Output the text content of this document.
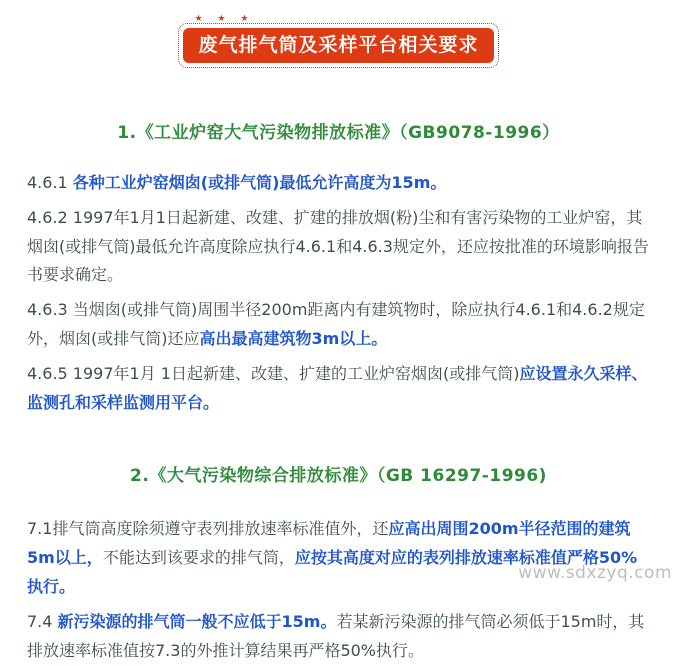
★ ★ ★
废气排气筒及采样平台相关要求
1.《工业炉窑大气污染物排放标准》（GB9078-1996）

4.6.1 各种工业炉窑烟囱(或排气筒)最低允许高度为15m。

4.6.2 1997年1月1日起新建、改建、扩建的排放烟(粉)尘和有害污染物的工业炉窑，其烟囱(或排气筒)最低允许高度除应执行4.6.1和4.6.3规定外，还应按批准的环境影响报告书要求确定。

4.6.3 当烟囱(或排气筒)周围半径200m距离内有建筑物时，除应执行4.6.1和4.6.2规定外，烟囱(或排气筒)还应高出最高建筑物3m以上。

4.6.5 1997年1月 1日起新建、改建、扩建的工业炉窑烟囱(或排气筒)应设置永久采样、监测孔和采样监测用平台。

2.《大气污染物综合排放标准》（GB 16297-1996)

7.1排气筒高度除须遵守表列排放速率标准值外，还应高出周围200m半径范围的建筑5m以上，不能达到该要求的排气筒，应按其高度对应的表列排放速率标准值严格50%执行。

7.4 新污染源的排气筒一般不应低于15m。若某新污染源的排气筒必须低于15m时，其排放速率标准值按7.3的外推计算结果再严格50%执行。

www.sdxzyq.com
